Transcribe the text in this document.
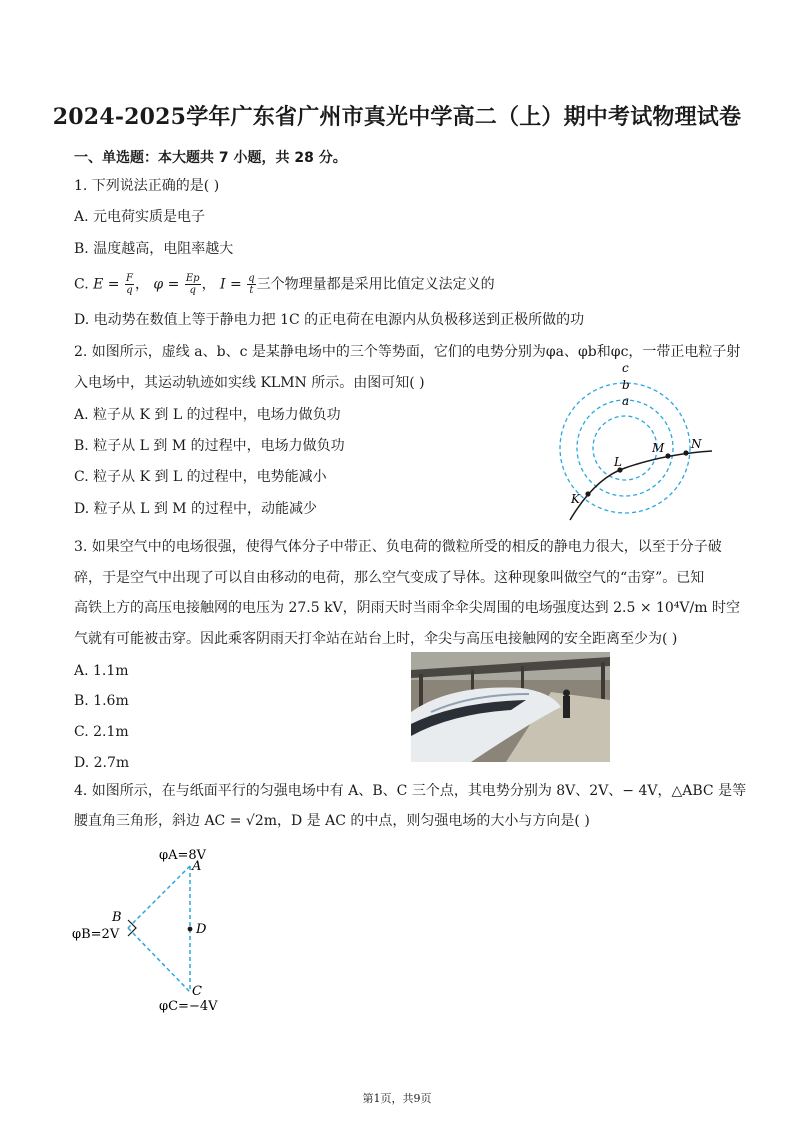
2024-2025学年广东省广州市真光中学高二（上）期中考试物理试卷
一、单选题：本大题共 7 小题，共 28 分。
1. 下列说法正确的是( )
A. 元电荷实质是电子
B. 温度越高，电阻率越大
C. $E = \frac{F}{q}$ ， $\varphi = \frac{Ep}{q}$ ， $I = \frac{q}{t}$ 三个物理量都是采用比值定义法定义的
D. 电动势在数值上等于静电力把 1C 的正电荷在电源内从负极移送到正极所做的功
2. 如图所示，虚线 a、b、c 是某静电场中的三个等势面，它们的电势分别为φa、φb和φc，一带正电粒子射
入电场中，其运动轨迹如实线 KLMN 所示。由图可知( )
A. 粒子从 K 到 L 的过程中，电场力做负功
B. 粒子从 L 到 M 的过程中，电场力做负功
C. 粒子从 K 到 L 的过程中，电势能减小
D. 粒子从 L 到 M 的过程中，动能减少
c
b
a
K
L
M N
3. 如果空气中的电场很强，使得气体分子中带正、负电荷的微粒所受的相反的静电力很大，以至于分子破
碎，于是空气中出现了可以自由移动的电荷，那么空气变成了导体。这种现象叫做空气的“击穿”。已知
高铁上方的高压电接触网的电压为 27.5 kV，阴雨天时当雨伞伞尖周围的电场强度达到 2.5 × 10⁴V/m 时空
气就有可能被击穿。因此乘客阴雨天打伞站在站台上时，伞尖与高压电接触网的安全距离至少为( )
A. 1.1m
B. 1.6m
C. 2.1m
D. 2.7m
4. 如图所示，在与纸面平行的匀强电场中有 A、B、C 三个点，其电势分别为 8V、2V、− 4V，△ABC 是等
腰直角三角形，斜边 AC = √2m，D 是 AC 的中点，则匀强电场的大小与方向是( )
φA=8V
A
B
φB=2V	D
C
φC=−4V
第1页，共9页
